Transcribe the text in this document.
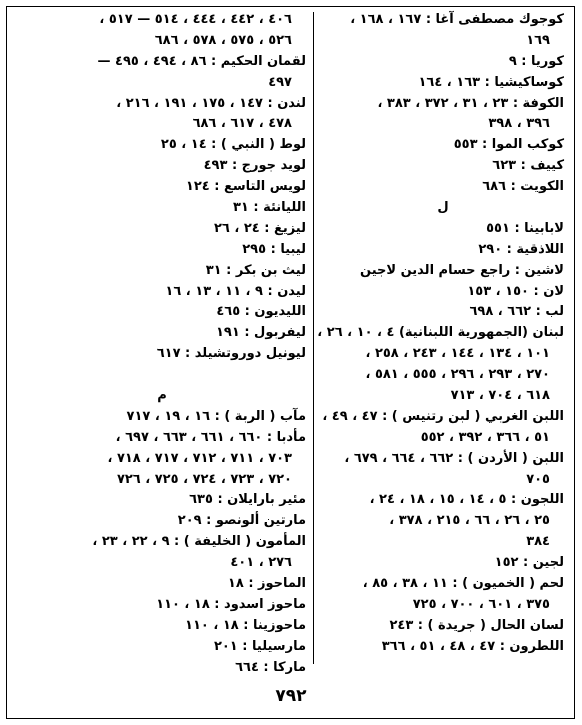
كوجوك مصطفى آغا : ١٦٧ ، ١٦٨ ،
١٦٩
كوريا : ٩
كوساكيشيا : ١٦٣ ، ١٦٤
الكوفة : ٢٣ ، ٣١ ، ٣٧٢ ، ٣٨٣ ،
٣٩٦ ، ٣٩٨
كوكب الموا : ٥٥٣
كييف : ٦٢٣
الكويت : ٦٨٦
ل
لابابينا : ٥٥١
اللاذقية : ٢٩٠
لاشين : راجع حسام الدين لاجين
لان : ١٥٠ ، ١٥٣
لب : ٦٦٢ ، ٦٩٨
لبنان (الجمهورية اللبنانية) ٤ ، ١٠ ، ٢٦ ،
١٠١ ، ١٣٤ ، ١٤٤ ، ٢٤٣ ، ٢٥٨ ،
٢٧٠ ، ٢٩٣ ، ٢٩٦ ، ٥٥٥ ، ٥٨١ ،
٦١٨ ، ٧٠٤ ، ٧١٣
اللبن الغربي ( لبن رتنيس ) : ٤٧ ، ٤٩ ،
٥١ ، ٣٦٦ ، ٣٩٢ ، ٥٥٢
اللبن ( الأردن ) : ٦٦٢ ، ٦٦٤ ، ٦٧٩ ،
٧٠٥
اللجون : ٥ ، ١٤ ، ١٥ ، ١٨ ، ٢٤ ،
٢٥ ، ٢٦ ، ٦٦ ، ٢١٥ ، ٣٧٨ ،
٣٨٤
لجين : ١٥٢
لحم ( الخميون ) : ١١ ، ٣٨ ، ٨٥ ،
٣٧٥ ، ٦٠١ ، ٧٠٠ ، ٧٢٥
لسان الحال ( جريدة ) : ٢٤٣
اللطرون : ٤٧ ، ٤٨ ، ٥١ ، ٣٦٦
٤٠٦ ، ٤٤٢ ، ٤٤٤ ، ٥١٤ — ٥١٧ ،
٥٢٦ ، ٥٧٥ ، ٥٧٨ ، ٦٨٦
لقمان الحكيم : ٨٦ ، ٤٩٤ ، ٤٩٥ —
٤٩٧
لندن : ١٤٧ ، ١٧٥ ، ١٩١ ، ٢١٦ ،
٤٧٨ ، ٦١٧ ، ٦٨٦
لوط ( النبي ) : ١٤ ، ٢٥
لويد جورج : ٤٩٣
لويس التاسع : ١٢٤
الليانئة : ٣١
ليزيغ : ٢٤ ، ٢٦
ليبيا : ٢٩٥
ليث بن بكر : ٣١
ليدن : ٩ ، ١١ ، ١٣ ، ١٦
الليديون : ٤٦٥
ليفربول : ١٩١
ليونيل دوروتشيلد : ٦١٧
م
مآب ( الربة ) : ١٦ ، ١٩ ، ٧١٧
مأدبا : ٦٦٠ ، ٦٦١ ، ٦٦٣ ، ٦٩٧ ،
٧٠٣ ، ٧١١ ، ٧١٢ ، ٧١٧ ، ٧١٨ ،
٧٢٠ ، ٧٢٣ ، ٧٢٤ ، ٧٢٥ ، ٧٢٦
مئير بارايلان : ٦٣٥
مارتين ألونصو : ٢٠٩
المأمون ( الخليفة ) : ٩ ، ٢٢ ، ٢٣ ،
٢٧٦ ، ٤٠١
الماحوز : ١٨
ماحوز اسدود : ١٨ ، ١١٠
ماحوزينا : ١٨ ، ١١٠
مارسيليا : ٢٠١
ماركا : ٦٦٤
٧٩٢
